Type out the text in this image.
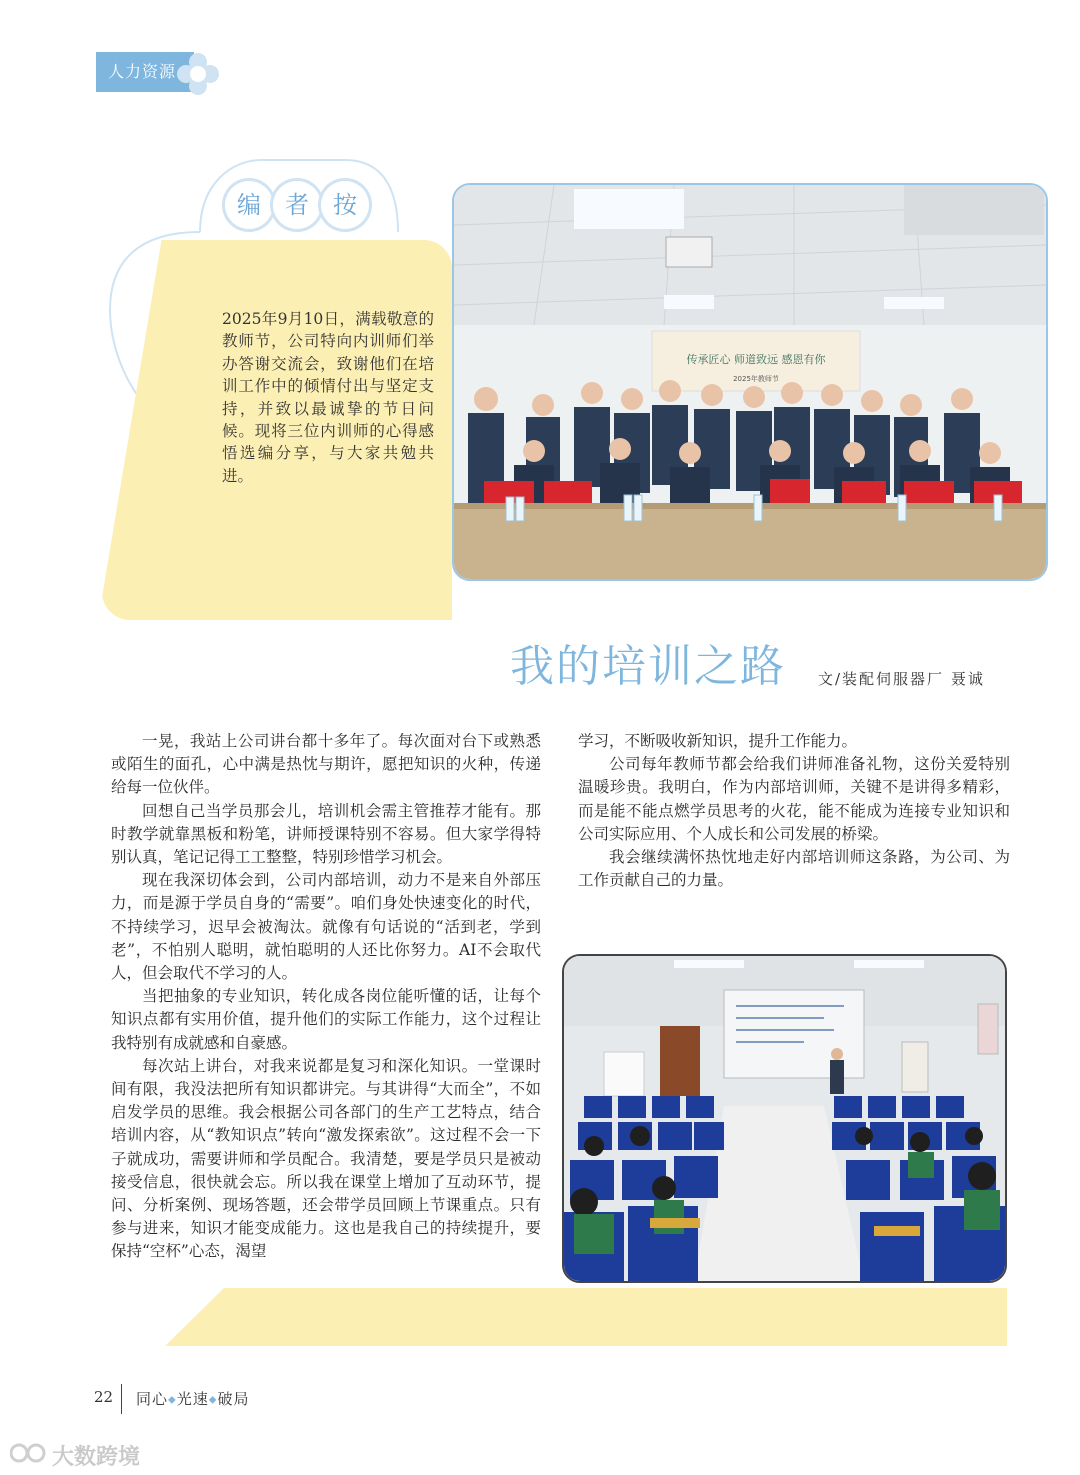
人力资源
编	者	按
2025年9月10日，满载敬意的教师节，公司特向内训师们举办答谢交流会，致谢他们在培训工作中的倾情付出与坚定支持，并致以最诚挚的节日问候。现将三位内训师的心得感悟选编分享，与大家共勉共进。
传承匠心 师道致远 感恩有你
2025年教师节
我的培训之路 文/装配伺服器厂 聂诚

一晃，我站上公司讲台都十多年了。每次面对台下或熟悉或陌生的面孔，心中满是热忱与期许，愿把知识的火种，传递给每一位伙伴。

回想自己当学员那会儿，培训机会需主管推荐才能有。那时教学就靠黑板和粉笔，讲师授课特别不容易。但大家学得特别认真，笔记记得工工整整，特别珍惜学习机会。

现在我深切体会到，公司内部培训，动力不是来自外部压力，而是源于学员自身的“需要”。咱们身处快速变化的时代，不持续学习，迟早会被淘汰。就像有句话说的“活到老，学到老”，不怕别人聪明，就怕聪明的人还比你努力。AI不会取代人，但会取代不学习的人。

当把抽象的专业知识，转化成各岗位能听懂的话，让每个知识点都有实用价值，提升他们的实际工作能力，这个过程让我特别有成就感和自豪感。

每次站上讲台，对我来说都是复习和深化知识。一堂课时间有限，我没法把所有知识都讲完。与其讲得“大而全”，不如启发学员的思维。我会根据公司各部门的生产工艺特点，结合培训内容，从“教知识点”转向“激发探索欲”。这过程不会一下子就成功，需要讲师和学员配合。我清楚，要是学员只是被动接受信息，很快就会忘。所以我在课堂上增加了互动环节，提问、分析案例、现场答题，还会带学员回顾上节课重点。只有参与进来，知识才能变成能力。这也是我自己的持续提升，要保持“空杯”心态，渴望

学习，不断吸收新知识，提升工作能力。

公司每年教师节都会给我们讲师准备礼物，这份关爱特别温暖珍贵。我明白，作为内部培训师，关键不是讲得多精彩，而是能不能点燃学员思考的火花，能不能成为连接专业知识和公司实际应用、个人成长和公司发展的桥梁。

我会继续满怀热忱地走好内部培训师这条路，为公司、为工作贡献自己的力量。

22 同心◆光速◆破局
大数跨境
